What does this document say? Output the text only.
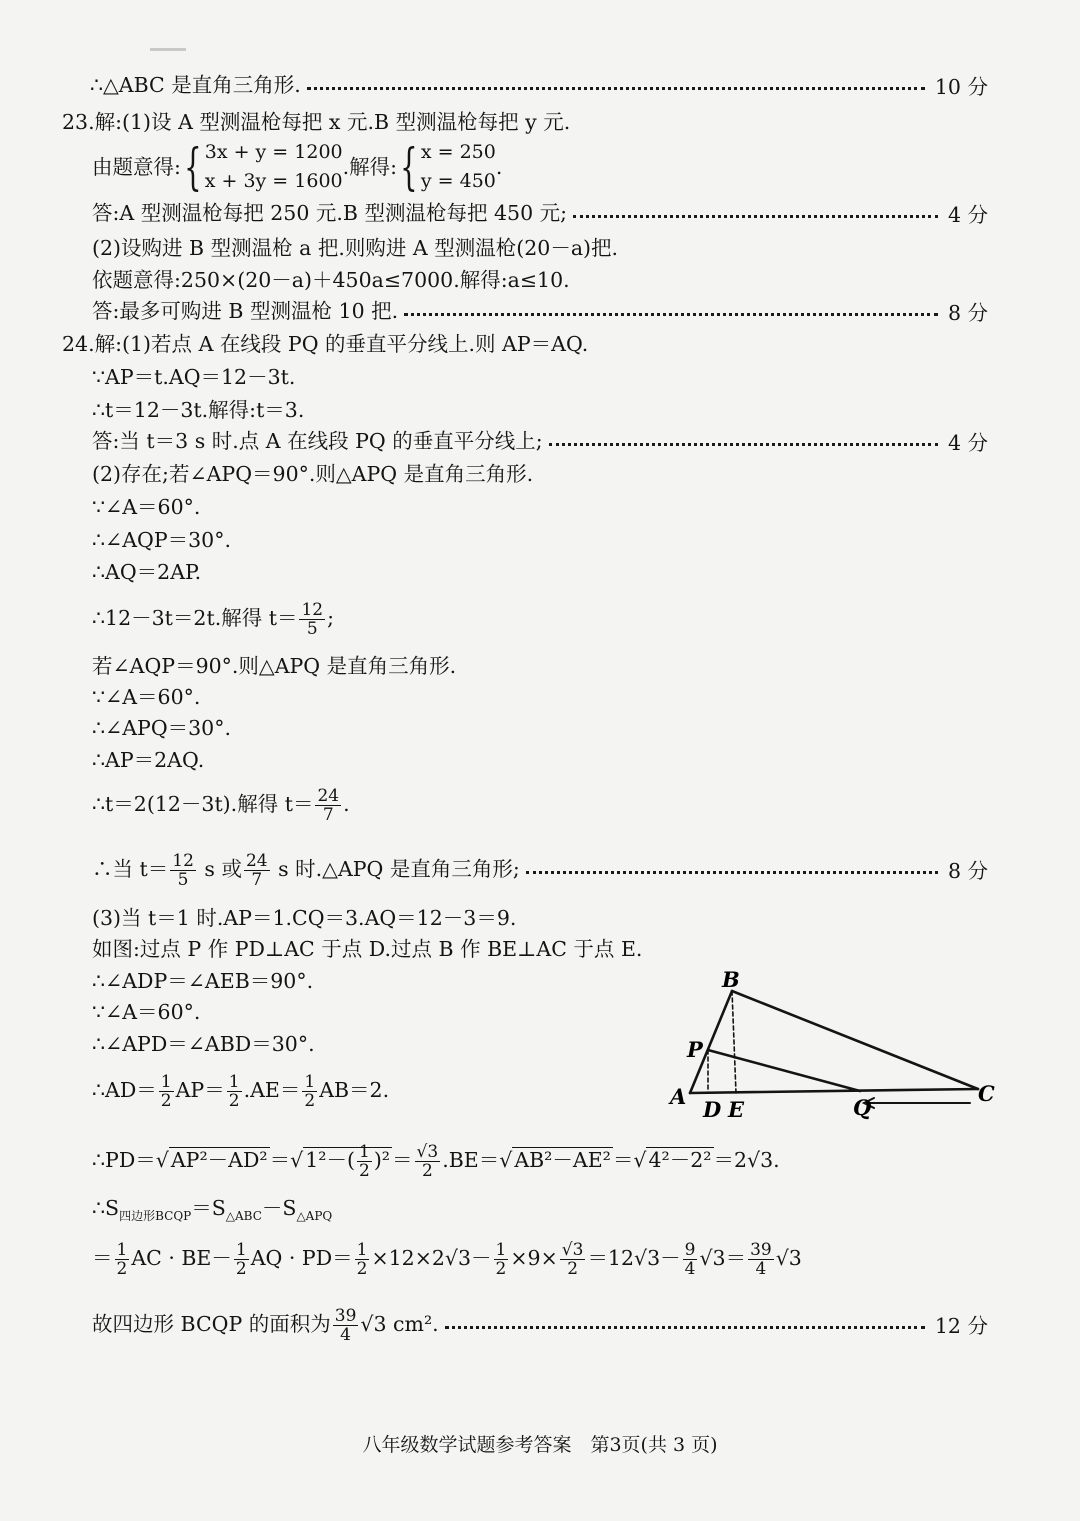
∴△ABC 是直角三角形.	10 分
23.解:(1)设 A 型测温枪每把 x 元.B 型测温枪每把 y 元.
由题意得: { 3x + y = 1200
x + 3y = 1600
.解得: { x = 250
y = 450
.
答:A 型测温枪每把 250 元.B 型测温枪每把 450 元;	4 分
(2)设购进 B 型测温枪 a 把.则购进 A 型测温枪(20－a)把.
依题意得:250×(20－a)＋450a≤7000.解得:a≤10.
答:最多可购进 B 型测温枪 10 把.	8 分
24.解:(1)若点 A 在线段 PQ 的垂直平分线上.则 AP＝AQ.
∵AP＝t.AQ＝12－3t.
∴t＝12－3t.解得:t＝3.
答:当 t＝3 s 时.点 A 在线段 PQ 的垂直平分线上;	4 分
(2)存在;若∠APQ＝90°.则△APQ 是直角三角形.
∵∠A＝60°.
∴∠AQP＝30°.
∴AQ＝2AP.
∴12－3t＝2t.解得 $t= \frac{12}{5}$ ;
若∠AQP＝90°.则△APQ 是直角三角形.
∵∠A＝60°.
∴∠APQ＝30°.
∴AP＝2AQ.
∴t＝2(12－3t).解得 $t= \frac{24}{7}$ .
∴当 $t= \frac{12}{5}$ s 或 $\frac{24}{7}$ s 时.△APQ 是直角三角形;	8 分
(3)当 t＝1 时.AP＝1.CQ＝3.AQ＝12－3＝9.
如图:过点 P 作 PD⊥AC 于点 D.过点 B 作 BE⊥AC 于点 E.
∴∠ADP＝∠AEB＝90°.
∵∠A＝60°.
∴∠APD＝∠ABD＝30°.
∴AD＝ $\frac{1}{2} AP= \frac{1}{2} .AE= \frac{1}{2} AB=2$.
∴PD＝√AP²－AD²＝√1²－( $\frac{1}{2} )^2= \frac{√3}{2} .BE=√AB^2-AE^2=√4^2-2^2=2√3$.
$\therefore S_{四边形BCQP}=S_{\triangle ABC}-S_{\triangle APQ}$
＝ $\frac{1}{2}$ AC · $BE- \frac{1}{2}$ AQ · $PD= \frac{1}{2} \times 12\times 2√3- \frac{1}{2} \times 9\times \frac{√3}{2} =12√3- \frac{9}{4} √3= \frac{39}{4} √3$
故四边形 BCQP 的面积为 $\frac{39}{4} √3$ cm².	12 分
B
P
A
D E	Q
C
八年级数学试题参考答案　第3页(共 3 页)
